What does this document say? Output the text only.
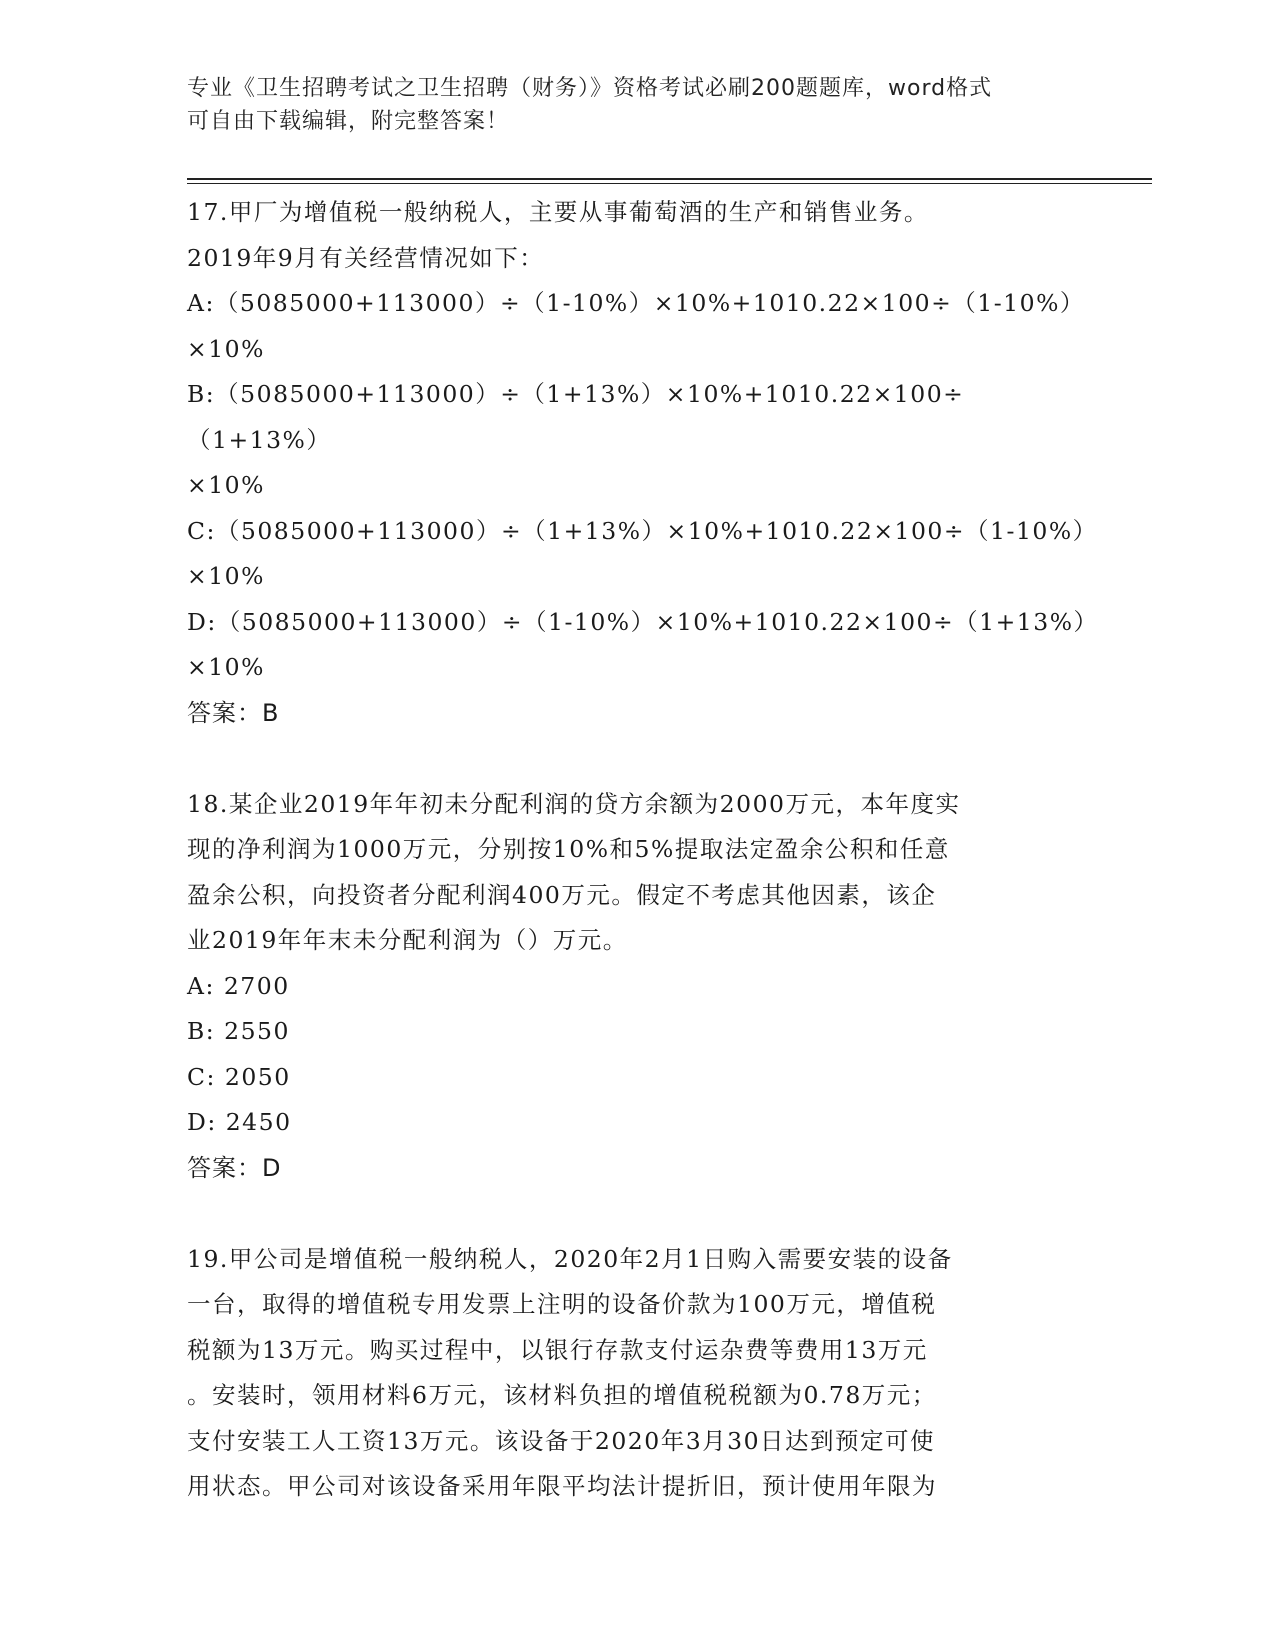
专业《卫生招聘考试之卫生招聘（财务）》资格考试必刷200题题库，word格式
可自由下载编辑，附完整答案！
17.甲厂为增值税一般纳税人，主要从事葡萄酒的生产和销售业务。
2019年9月有关经营情况如下：
A:（5085000+113000）÷（1-10%）×10%+1010.22×100÷（1-10%）
×10%
B:（5085000+113000）÷（1+13%）×10%+1010.22×100÷（1+13%）
×10%
C:（5085000+113000）÷（1+13%）×10%+1010.22×100÷（1-10%）
×10%
D:（5085000+113000）÷（1-10%）×10%+1010.22×100÷（1+13%）
×10%
答案：B
18.某企业2019年年初未分配利润的贷方余额为2000万元，本年度实
现的净利润为1000万元，分别按10%和5%提取法定盈余公积和任意
盈余公积，向投资者分配利润400万元。假定不考虑其他因素，该企
业2019年年末未分配利润为（）万元。
A: 2700
B: 2550
C: 2050
D: 2450
答案：D
19.甲公司是增值税一般纳税人，2020年2月1日购入需要安装的设备
一台，取得的增值税专用发票上注明的设备价款为100万元，增值税
税额为13万元。购买过程中，以银行存款支付运杂费等费用13万元
。安装时，领用材料6万元，该材料负担的增值税税额为0.78万元；
支付安装工人工资13万元。该设备于2020年3月30日达到预定可使
用状态。甲公司对该设备采用年限平均法计提折旧，预计使用年限为
